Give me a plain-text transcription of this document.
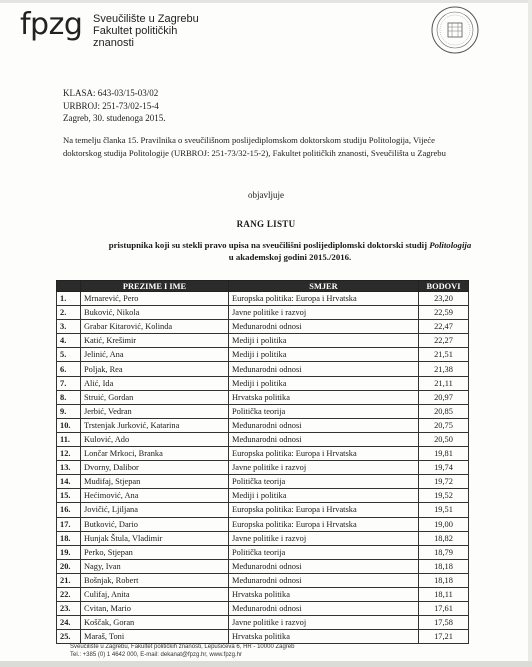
fpzg Sveučilište u Zagrebu
Fakultet političkih
znanosti
KLASA: 643-03/15-03/02
URBROJ: 251-73/02-15-4
Zagreb, 30. studenoga 2015.
Na temelju članka 15. Pravilnika o sveučilišnom poslijediplomskom doktorskom studiju Politologija, Vijeće doktorskog studija Politologije (URBROJ: 251-73/32-15-2), Fakultet političkih znanosti, Sveučilišta u Zagrebu
objavljuje
RANG LISTU
pristupnika koji su stekli pravo upisa na sveučilišni poslijediplomski doktorski studij Politologija
u akademskoj godini 2015./2016.
	PREZIME I IME	SMJER	BODOVI
1.	Mrnarević, Pero	Europska politika: Europa i Hrvatska	23,20
2.	Buković, Nikola	Javne politike i razvoj	22,59
3.	Grabar Kitarović, Kolinda	Međunarodni odnosi	22,47
4.	Katić, Krešimir	Mediji i politika	22,27
5.	Jelinić, Ana	Mediji i politika	21,51
6.	Poljak, Rea	Međunarodni odnosi	21,38
7.	Alić, Ida	Mediji i politika	21,11
8.	Struić, Gordan	Hrvatska politika	20,97
9.	Jerbić, Vedran	Politička teorija	20,85
10.	Trstenjak Jurković, Katarina	Međunarodni odnosi	20,75
11.	Kulović, Ado	Međunarodni odnosi	20,50
12.	Lončar Mrkoci, Branka	Europska politika: Europa i Hrvatska	19,81
13.	Dvorny, Dalibor	Javne politike i razvoj	19,74
14.	Mudifaj, Stjepan	Politička teorija	19,72
15.	Hećimović, Ana	Mediji i politika	19,52
16.	Jovičić, Ljiljana	Europska politika: Europa i Hrvatska	19,51
17.	Butković, Dario	Europska politika: Europa i Hrvatska	19,00
18.	Hunjak Štula, Vladimir	Javne politike i razvoj	18,82
19.	Perko, Stjepan	Politička teorija	18,79
20.	Nagy, Ivan	Međunarodni odnosi	18,18
21.	Bošnjak, Robert	Međunarodni odnosi	18,18
22.	Culifaj, Anita	Hrvatska politika	18,11
23.	Cvitan, Mario	Međunarodni odnosi	17,61
24.	Koščak, Goran	Javne politike i razvoj	17,58
25.	Maraš, Toni	Hrvatska politika	17,21
Sveučilište u Zagrebu, Fakultet političkih znanosti, Lepušićeva 6, HR - 10000 Zagreb
Tel.: +385 (0) 1 4642 000, E-mail: dekanat@fpzg.hr, www.fpzg.hr
